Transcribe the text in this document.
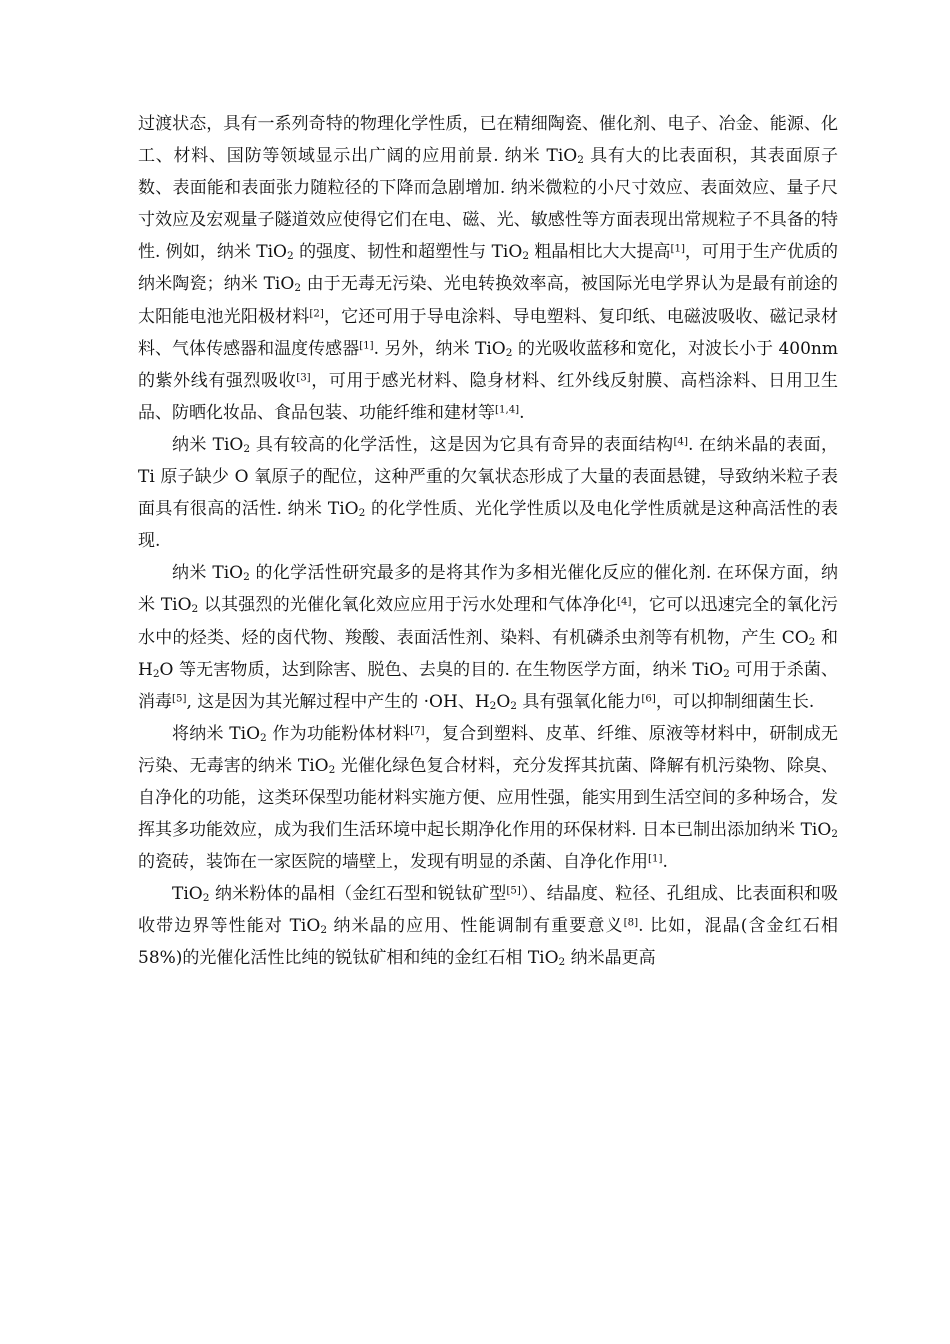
过渡状态，具有一系列奇特的物理化学性质，已在精细陶瓷、催化剂、电子、冶金、能源、化工、材料、国防等领域显示出广阔的应用前景. 纳米 TiO$_2$ 具有大的比表面积，其表面原子数、表面能和表面张力随粒径的下降而急剧增加. 纳米微粒的小尺寸效应、表面效应、量子尺寸效应及宏观量子隧道效应使得它们在电、磁、光、敏感性等方面表现出常规粒子不具备的特性. 例如，纳米 TiO$_2$ 的强度、韧性和超塑性与 TiO$_2$ 粗晶相比大大提高[1]，可用于生产优质的纳米陶瓷；纳米 TiO$_2$ 由于无毒无污染、光电转换效率高，被国际光电学界认为是最有前途的太阳能电池光阳极材料[2]，它还可用于导电涂料、导电塑料、复印纸、电磁波吸收、磁记录材料、气体传感器和温度传感器[1]. 另外，纳米 TiO$_2$ 的光吸收蓝移和宽化，对波长小于 400nm 的紫外线有强烈吸收[3]，可用于感光材料、隐身材料、红外线反射膜、高档涂料、日用卫生品、防晒化妆品、食品包装、功能纤维和建材等[1,4].

纳米 TiO$_2$ 具有较高的化学活性，这是因为它具有奇异的表面结构[4]. 在纳米晶的表面，Ti 原子缺少 O 氧原子的配位，这种严重的欠氧状态形成了大量的表面悬键，导致纳米粒子表面具有很高的活性. 纳米 TiO$_2$ 的化学性质、光化学性质以及电化学性质就是这种高活性的表现.

纳米 TiO$_2$ 的化学活性研究最多的是将其作为多相光催化反应的催化剂. 在环保方面，纳米 TiO$_2$ 以其强烈的光催化氧化效应应用于污水处理和气体净化[4]，它可以迅速完全的氧化污水中的烃类、烃的卤代物、羧酸、表面活性剂、染料、有机磷杀虫剂等有机物，产生 $CO_2$ 和 $H_2O$ 等无害物质，达到除害、脱色、去臭的目的. 在生物医学方面，纳米 TiO$_2$ 可用于杀菌、消毒[5], 这是因为其光解过程中产生的 ·OH、$H_2O_2$ 具有强氧化能力[6]，可以抑制细菌生长.

将纳米 TiO$_2$ 作为功能粉体材料[7]，复合到塑料、皮革、纤维、原液等材料中，研制成无污染、无毒害的纳米 TiO$_2$ 光催化绿色复合材料，充分发挥其抗菌、降解有机污染物、除臭、自净化的功能，这类环保型功能材料实施方便、应用性强，能实用到生活空间的多种场合，发挥其多功能效应，成为我们生活环境中起长期净化作用的环保材料. 日本已制出添加纳米 TiO$_2$ 的瓷砖，装饰在一家医院的墙壁上，发现有明显的杀菌、自净化作用[1].

TiO$_2$ 纳米粉体的晶相（金红石型和锐钛矿型[5]）、结晶度、粒径、孔组成、比表面积和吸收带边界等性能对 TiO$_2$ 纳米晶的应用、性能调制有重要意义[8]. 比如，混晶(含金红石相 58%)的光催化活性比纯的锐钛矿相和纯的金红石相 TiO$_2$ 纳米晶更高
